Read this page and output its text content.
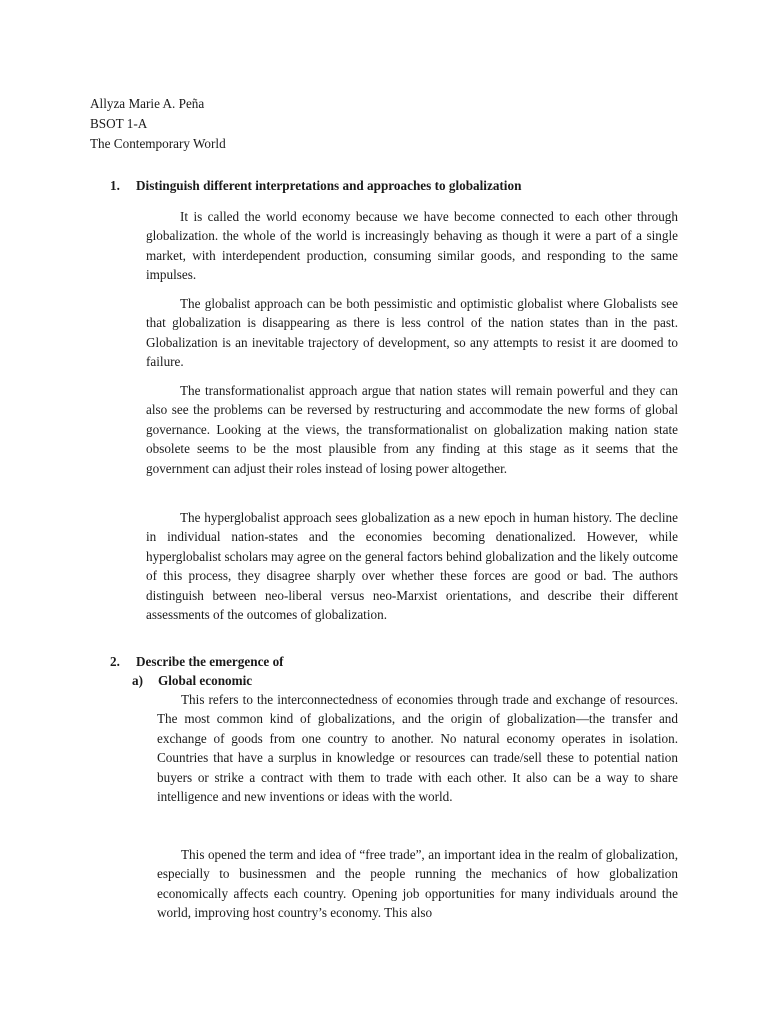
Allyza Marie A. Peña
BSOT 1-A
The Contemporary World
1. Distinguish different interpretations and approaches to globalization

It is called the world economy because we have become connected to each other through globalization. the whole of the world is increasingly behaving as though it were a part of a single market, with interdependent production, consuming similar goods, and responding to the same impulses.

The globalist approach can be both pessimistic and optimistic globalist where Globalists see that globalization is disappearing as there is less control of the nation states than in the past. Globalization is an inevitable trajectory of development, so any attempts to resist it are doomed to failure.

The transformationalist approach argue that nation states will remain powerful and they can also see the problems can be reversed by restructuring and accommodate the new forms of global governance. Looking at the views, the transformationalist on globalization making nation state obsolete seems to be the most plausible from any finding at this stage as it seems that the government can adjust their roles instead of losing power altogether.

The hyperglobalist approach sees globalization as a new epoch in human history. The decline in individual nation-states and the economies becoming denationalized. However, while hyperglobalist scholars may agree on the general factors behind globalization and the likely outcome of this process, they disagree sharply over whether these forces are good or bad. The authors distinguish between neo-liberal versus neo-Marxist orientations, and describe their different assessments of the outcomes of globalization.

2. Describe the emergence of
a) Global economic

This refers to the interconnectedness of economies through trade and exchange of resources. The most common kind of globalizations, and the origin of globalization—the transfer and exchange of goods from one country to another. No natural economy operates in isolation. Countries that have a surplus in knowledge or resources can trade/sell these to potential nation buyers or strike a contract with them to trade with each other. It also can be a way to share intelligence and new inventions or ideas with the world.

This opened the term and idea of “free trade”, an important idea in the realm of globalization, especially to businessmen and the people running the mechanics of how globalization economically affects each country. Opening job opportunities for many individuals around the world, improving host country’s economy. This also
